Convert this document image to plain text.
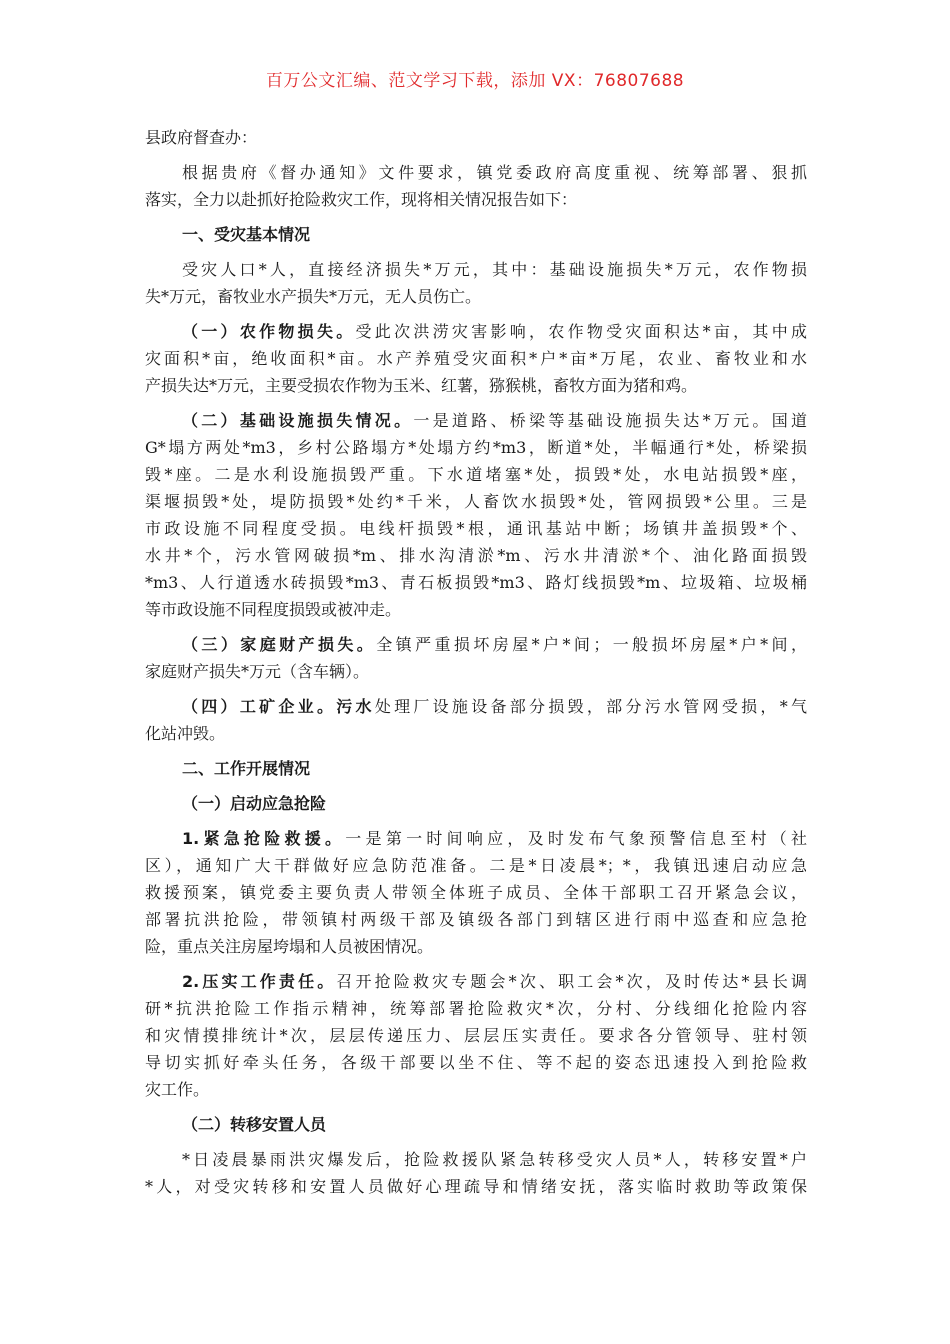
百万公文汇编、范文学习下载，添加 VX：76807688
县政府督查办：
根据贵府《督办通知》文件要求，镇党委政府高度重视、统筹部署、狠抓
落实，全力以赴抓好抢险救灾工作，现将相关情况报告如下：
一、受灾基本情况
受灾人口*人，直接经济损失*万元，其中：基础设施损失*万元，农作物损
失*万元，畜牧业水产损失*万元，无人员伤亡。
（一）农作物损失。受此次洪涝灾害影响，农作物受灾面积达*亩，其中成
灾面积*亩，绝收面积*亩。水产养殖受灾面积*户*亩*万尾，农业、畜牧业和水
产损失达*万元，主要受损农作物为玉米、红薯，猕猴桃，畜牧方面为猪和鸡。
（二）基础设施损失情况。一是道路、桥梁等基础设施损失达*万元。国道
G*塌方两处*m3，乡村公路塌方*处塌方约*m3，断道*处，半幅通行*处，桥梁损
毁*座。二是水利设施损毁严重。下水道堵塞*处，损毁*处，水电站损毁*座，
渠堰损毁*处，堤防损毁*处约*千米，人畜饮水损毁*处，管网损毁*公里。三是
市政设施不同程度受损。电线杆损毁*根，通讯基站中断；场镇井盖损毁*个、
水井*个，污水管网破损*m、排水沟清淤*m、污水井清淤*个、油化路面损毁
*m3、人行道透水砖损毁*m3、青石板损毁*m3、路灯线损毁*m、垃圾箱、垃圾桶
等市政设施不同程度损毁或被冲走。
（三）家庭财产损失。全镇严重损坏房屋*户*间；一般损坏房屋*户*间，
家庭财产损失*万元（含车辆）。
（四）工矿企业。污水处理厂设施设备部分损毁，部分污水管网受损，*气
化站冲毁。
二、工作开展情况
（一）启动应急抢险
1.紧急抢险救援。一是第一时间响应，及时发布气象预警信息至村（社
区），通知广大干群做好应急防范准备。二是*日凌晨*；*，我镇迅速启动应急
救援预案，镇党委主要负责人带领全体班子成员、全体干部职工召开紧急会议，
部署抗洪抢险，带领镇村两级干部及镇级各部门到辖区进行雨中巡查和应急抢
险，重点关注房屋垮塌和人员被困情况。
2.压实工作责任。召开抢险救灾专题会*次、职工会*次，及时传达*县长调
研*抗洪抢险工作指示精神，统筹部署抢险救灾*次，分村、分线细化抢险内容
和灾情摸排统计*次，层层传递压力、层层压实责任。要求各分管领导、驻村领
导切实抓好牵头任务，各级干部要以坐不住、等不起的姿态迅速投入到抢险救
灾工作。
（二）转移安置人员
*日凌晨暴雨洪灾爆发后，抢险救援队紧急转移受灾人员*人，转移安置*户
*人，对受灾转移和安置人员做好心理疏导和情绪安抚，落实临时救助等政策保
